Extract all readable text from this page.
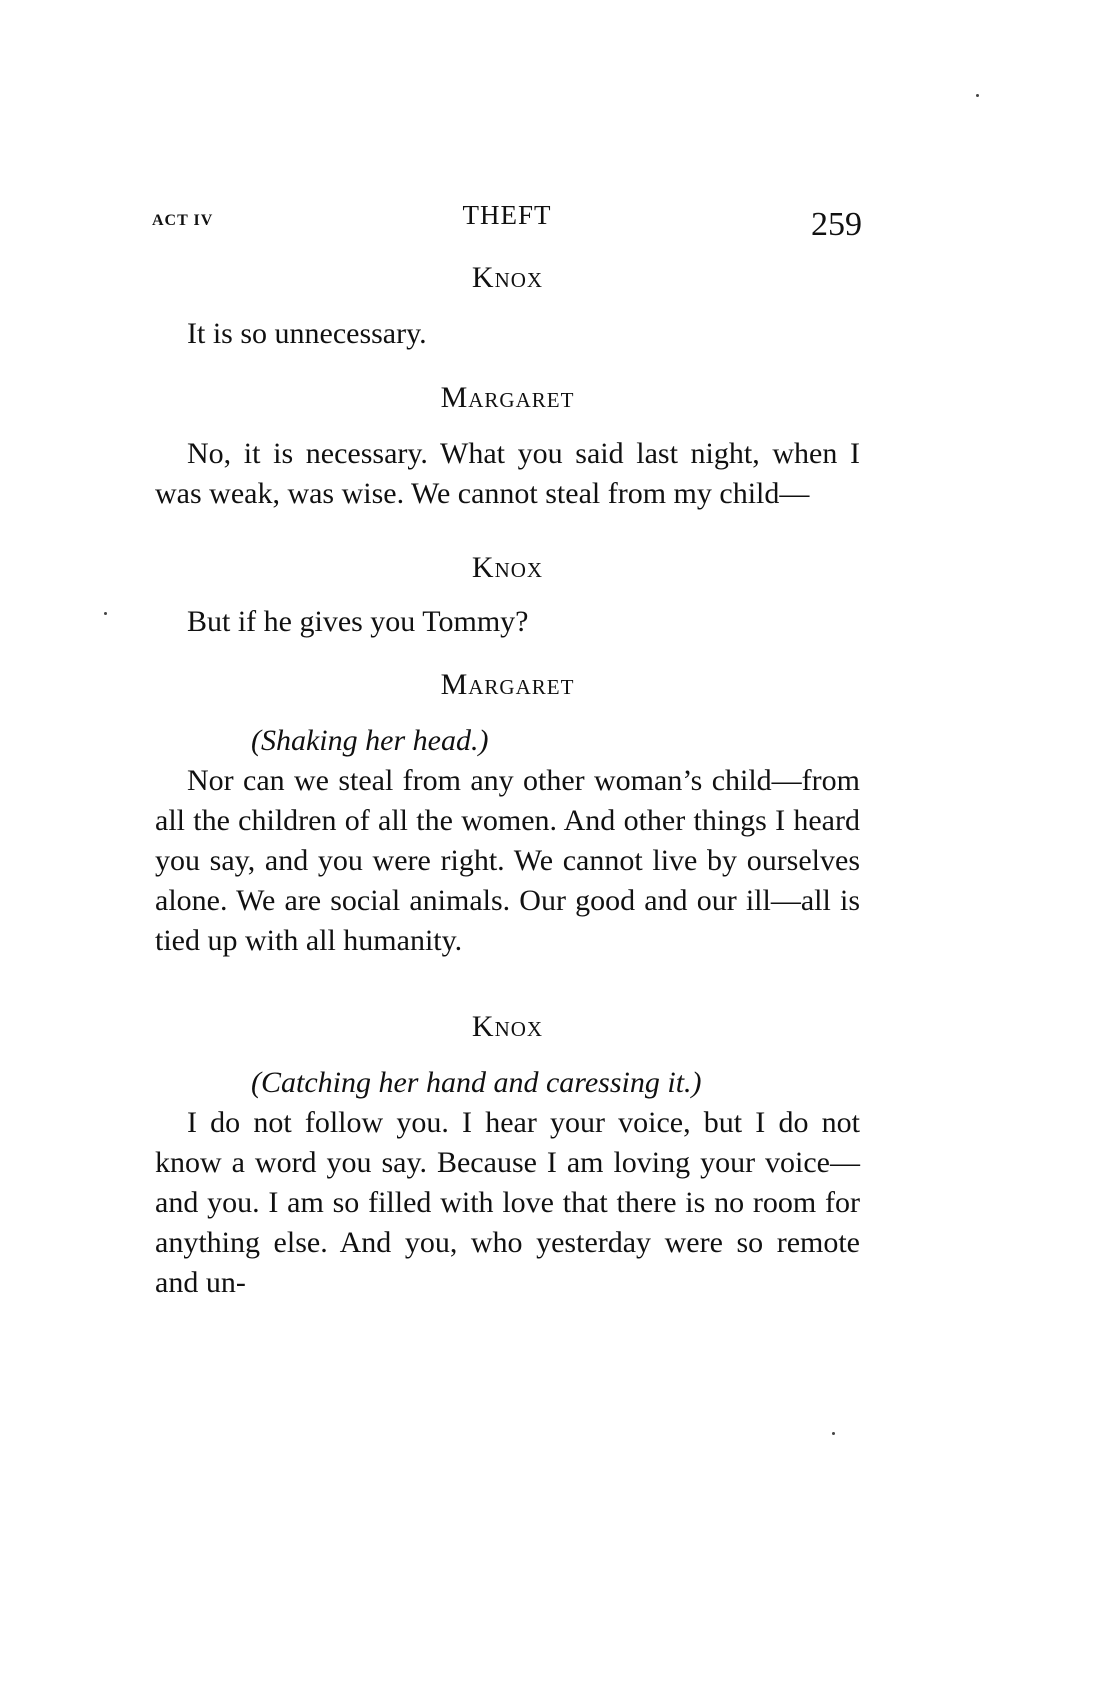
ACT IV	THEFT	259

Knox

It is so unnecessary.

Margaret

No, it is necessary. What you said last night, when I was weak, was wise. We cannot steal from my child—

Knox

But if he gives you Tommy?

Margaret

(Shaking her head.)

Nor can we steal from any other woman’s child—from all the children of all the women. And other things I heard you say, and you were right. We cannot live by ourselves alone. We are social animals. Our good and our ill—all is tied up with all humanity.

Knox

(Catching her hand and caressing it.)

I do not follow you. I hear your voice, but I do not know a word you say. Because I am loving your voice—and you. I am so filled with love that there is no room for anything else. And you, who yesterday were so remote and un-
